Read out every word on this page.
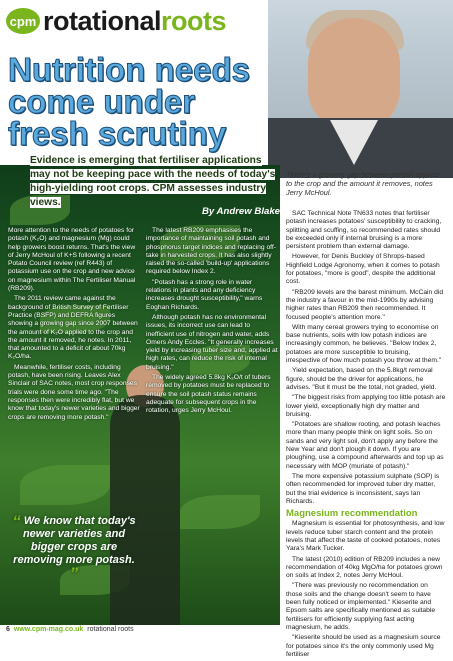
cpm rotationalroots
Nutrition needs come under fresh scrutiny
Evidence is emerging that fertiliser applications may not be keeping pace with the needs of today's high-yielding root crops. CPM assesses industry views.
By Andrew Blake
There's a growing gap between potash applied to the crop and the amount it removes, notes Jerry McHoul.

More attention to the needs of potatoes for potash (K₂O) and magnesium (Mg) could help growers boost returns. That's the view of Jerry McHoul of K+S following a recent Potato Council review (ref R443) of potassium use on the crop and new advice on magnesium within The Fertiliser Manual (RB209).

The 2011 review came against the background of British Survey of Fertiliser Practice (BSFP) and DEFRA figures showing a growing gap since 2007 between the amount of K₂O applied to the crop and the amount it removed, he notes. In 2011, that amounted to a deficit of about 70kg K₂O/ha.

Meanwhile, fertiliser costs, including potash, have been rising. Leaves Alex Sinclair of SAC notes, most crop responses trials were done some time ago. "The responses then were incredibly flat, but we know that today's newer varieties and bigger crops are removing more potash."

The latest RB209 emphasises the importance of maintaining soil potash and phosphorus target indices and replacing off-take in harvested crops. It has also slightly raised the so-called 'build-up' applications required below Index 2.

"Potash has a strong role in water relations in plants and any deficiency increases drought susceptibility," warns Eoghan Richards.

Although potash has no environmental issues, its incorrect use can lead to inefficient use of nitrogen and water, adds Omers Andy Eccles. "It generally increases yield by increasing tuber size and, applied at high rates, can reduce the risk of internal bruising."

The widely agreed 5.8kg K₂O/t of tubers removed by potatoes must be replaced to ensure the soil potash status remains adequate for subsequent crops in the rotation, urges Jerry McHoul.

“ We know that today's newer varieties and bigger crops are removing more potash. ”

SAC Technical Note TN633 notes that fertiliser potash increases potatoes' susceptibility to cracking, splitting and scuffing, so recommended rates should be exceeded only if internal bruising is a more persistent problem than external damage.

However, for Denis Buckley of Shrops-based Highfield Lodge Agronomy, when it comes to potash for potatoes, "more is good", despite the additional cost.

"RB209 levels are the barest minimum. McCain did the industry a favour in the mid-1990s by advising higher rates than RB209 then recommended. It focused people's attention more."

With many cereal growers trying to economise on base nutrients, soils with low potash indices are increasingly common, he believes. "Below Index 2, potatoes are more susceptible to bruising, irrespective of how much potash you throw at them."

Yield expectation, based on the 5.8kg/t removal figure, should be the driver for applications, he advises. "But it must be the total, not graded, yield.

"The biggest risks from applying too little potash are lower yield, exceptionally high dry matter and bruising.

"Potatoes are shallow rooting, and potash leaches more than many people think on light soils. So on sands and very light soil, don't apply any before the New Year and don't plough it down. If you are ploughing, use a compound afterwards and top up as necessary with MOP (muriate of potash)."

The more expensive potassium sulphate (SOP) is often recommended for improved tuber dry matter, but the trial evidence is inconsistent, says Ian Richards.

Magnesium recommendation

Magnesium is essential for photosynthesis, and low levels reduce tuber starch content and the protein levels that affect the taste of cooked potatoes, notes Yara's Mark Tucker.

The latest (2010) edition of RB209 includes a new recommendation of 40kg MgO/ha for potatoes grown on soils at Index 2, notes Jerry McHoul.

"There was previously no recommendation on those soils and the change doesn't seem to have been fully noticed or implemented." Kieserite and Epsom salts are specifically mentioned as suitable fertilisers for efficiently supplying fast acting magnesium, he adds.

"Kieserite should be used as a magnesium source for potatoes since it's the only commonly used Mg fertiliser

6 www.cpm-mag.co.uk rotational roots
